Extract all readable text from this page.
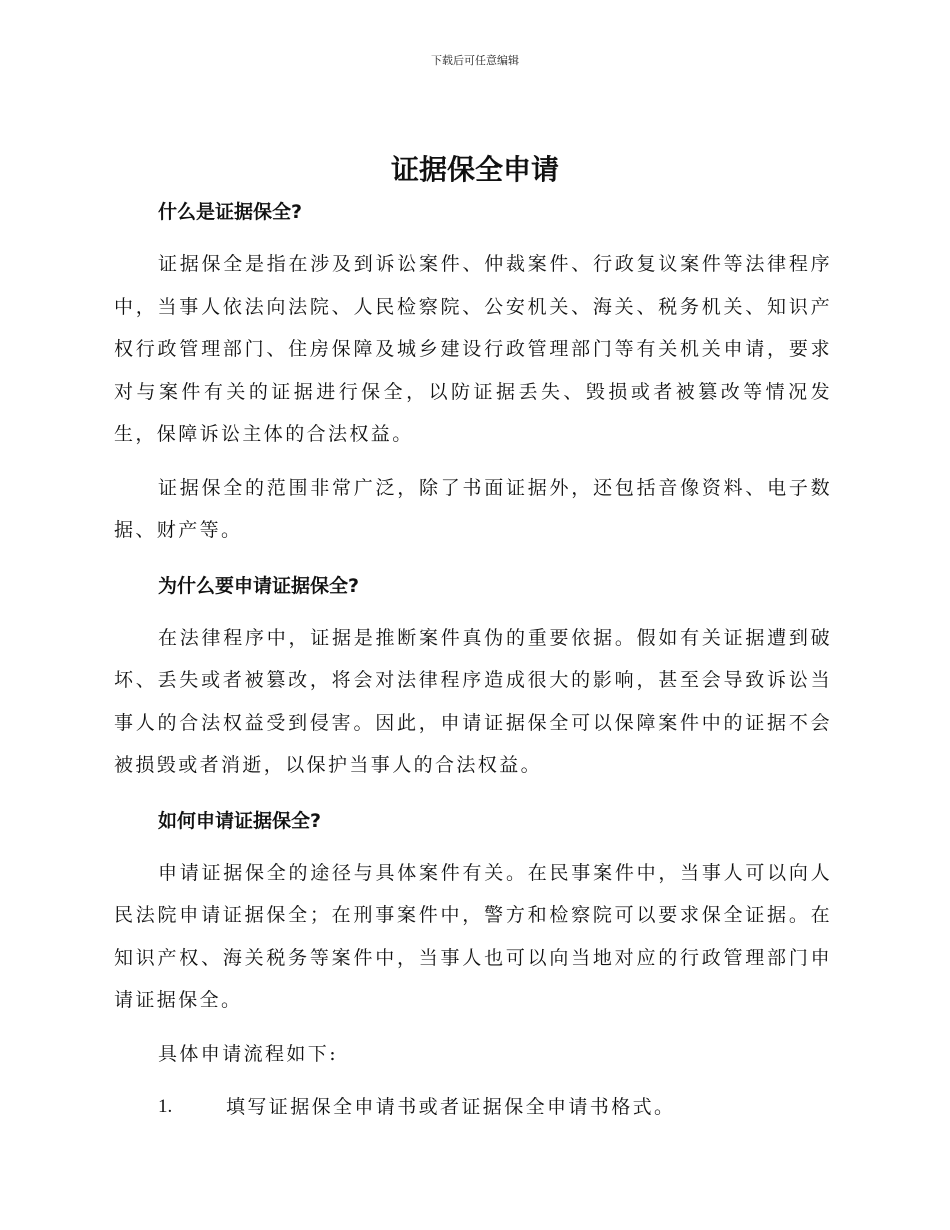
下载后可任意编辑
证据保全申请
什么是证据保全?

证据保全是指在涉及到诉讼案件、仲裁案件、行政复议案件等法律程序中，当事人依法向法院、人民检察院、公安机关、海关、税务机关、知识产权行政管理部门、住房保障及城乡建设行政管理部门等有关机关申请，要求对与案件有关的证据进行保全，以防证据丢失、毁损或者被篡改等情况发生，保障诉讼主体的合法权益。

证据保全的范围非常广泛，除了书面证据外，还包括音像资料、电子数据、财产等。

为什么要申请证据保全?

在法律程序中，证据是推断案件真伪的重要依据。假如有关证据遭到破坏、丢失或者被篡改，将会对法律程序造成很大的影响，甚至会导致诉讼当事人的合法权益受到侵害。因此，申请证据保全可以保障案件中的证据不会被损毁或者消逝，以保护当事人的合法权益。

如何申请证据保全?

申请证据保全的途径与具体案件有关。在民事案件中，当事人可以向人民法院申请证据保全；在刑事案件中，警方和检察院可以要求保全证据。在知识产权、海关税务等案件中，当事人也可以向当地对应的行政管理部门申请证据保全。

具体申请流程如下:

1.	填写证据保全申请书或者证据保全申请书格式。
